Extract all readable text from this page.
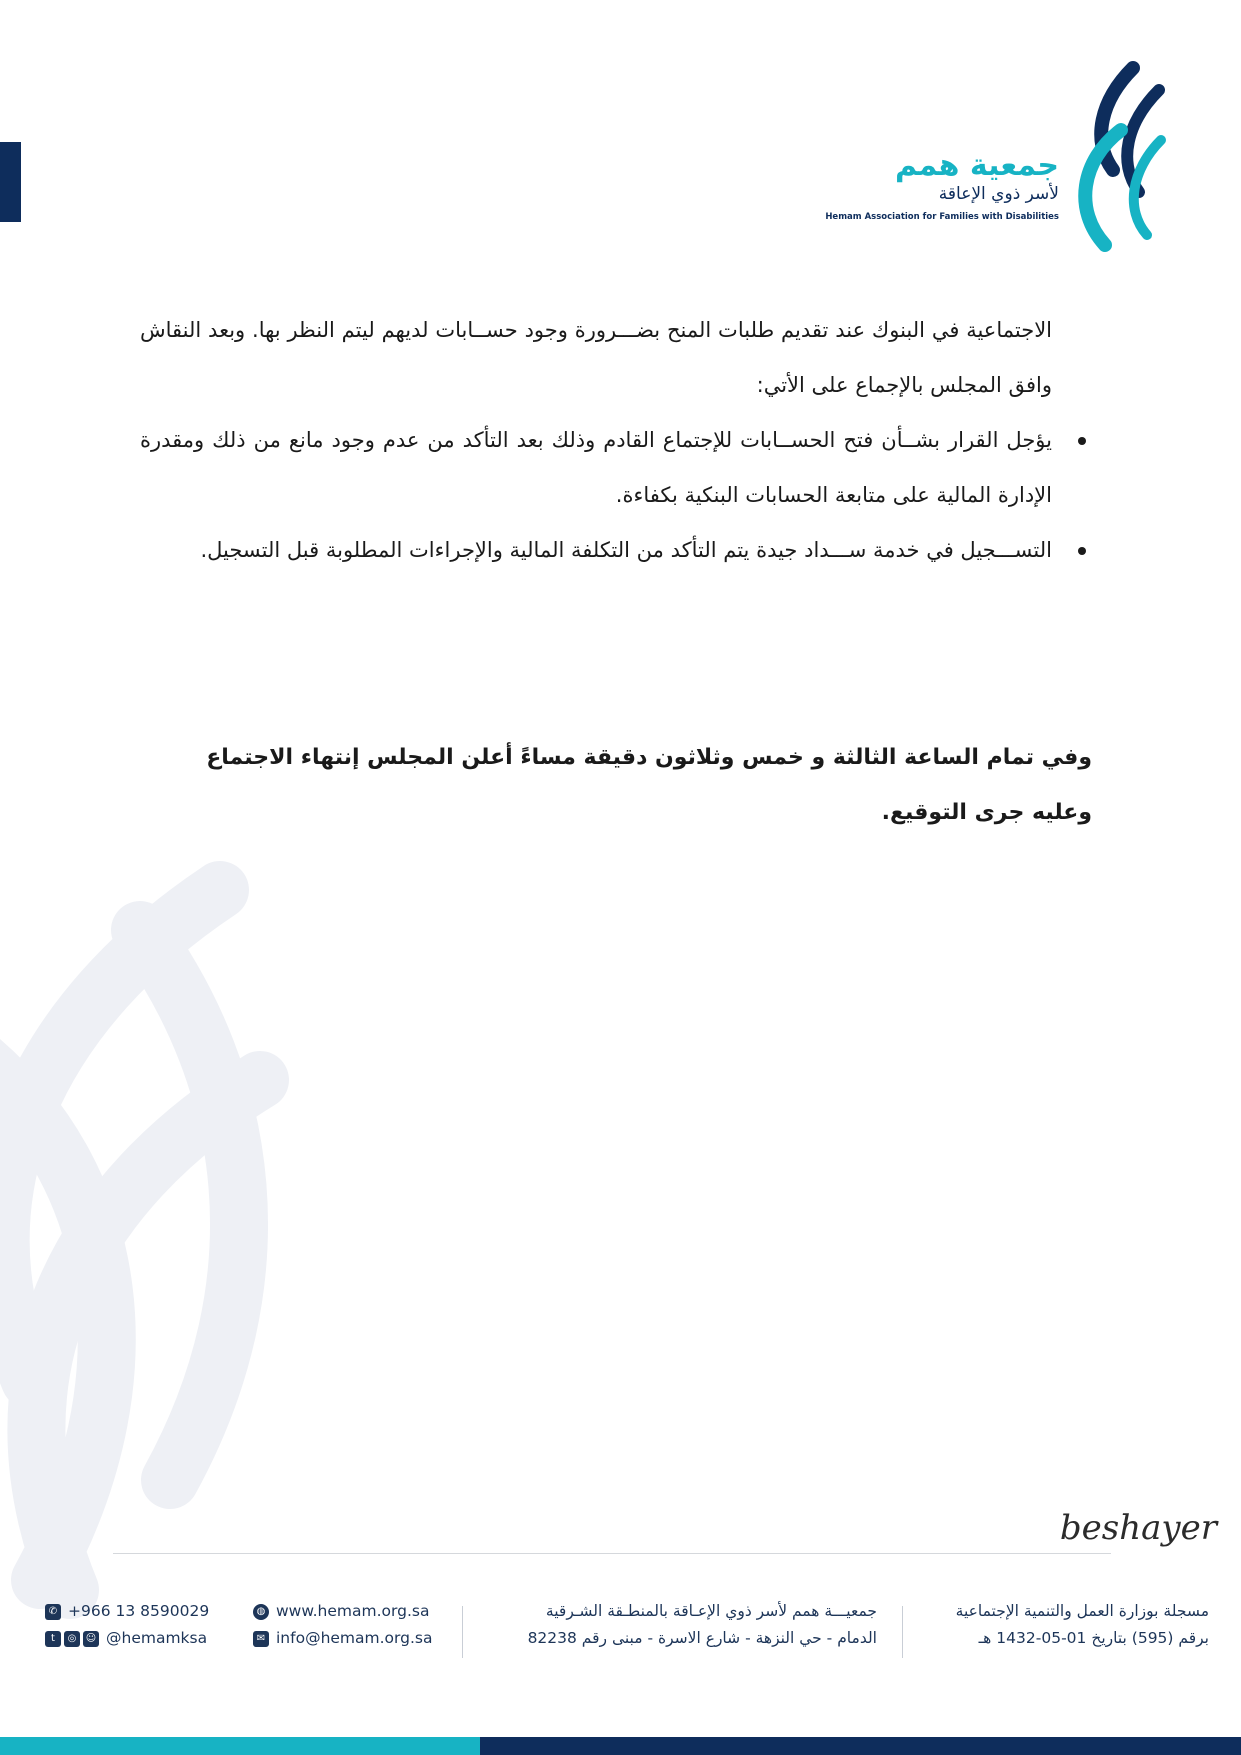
جمعية همم
لأسر ذوي الإعاقة
Hemam Association for Families with Disabilities

الاجتماعية في البنوك عند تقديم طلبات المنح بضـــرورة وجود حســابات لديهم ليتم النظر بها. وبعد النقاش وافق المجلس بالإجماع على الأتي:

يؤجل القرار بشــأن فتح الحســابات للإجتماع القادم وذلك بعد التأكد من عدم وجود مانع من ذلك ومقدرة الإدارة المالية على متابعة الحسابات البنكية بكفاءة.
التســـجيل في خدمة ســـداد جيدة يتم التأكد من التكلفة المالية والإجراءات المطلوبة قبل التسجيل.

وفي تمام الساعة الثالثة و خمس وثلاثون دقيقة مساءً أعلن المجلس إنتهاء الاجتماع وعليه جرى التوقيع.

beshayer
مسجلة بوزارة العمل والتنمية الإجتماعية
برقم (595) بتاريخ 01-05-1432 هـ
جمعيـــة همم لأسر ذوي الإعـاقة بالمنطـقة الشـرقية
الدمام - حي النزهة - شارع الاسرة - مبنى رقم 82238
◍ www.hemam.org.sa
✉ info@hemam.org.sa
✆ +966 13 8590029
t	◎ ☺ @hemamksa
